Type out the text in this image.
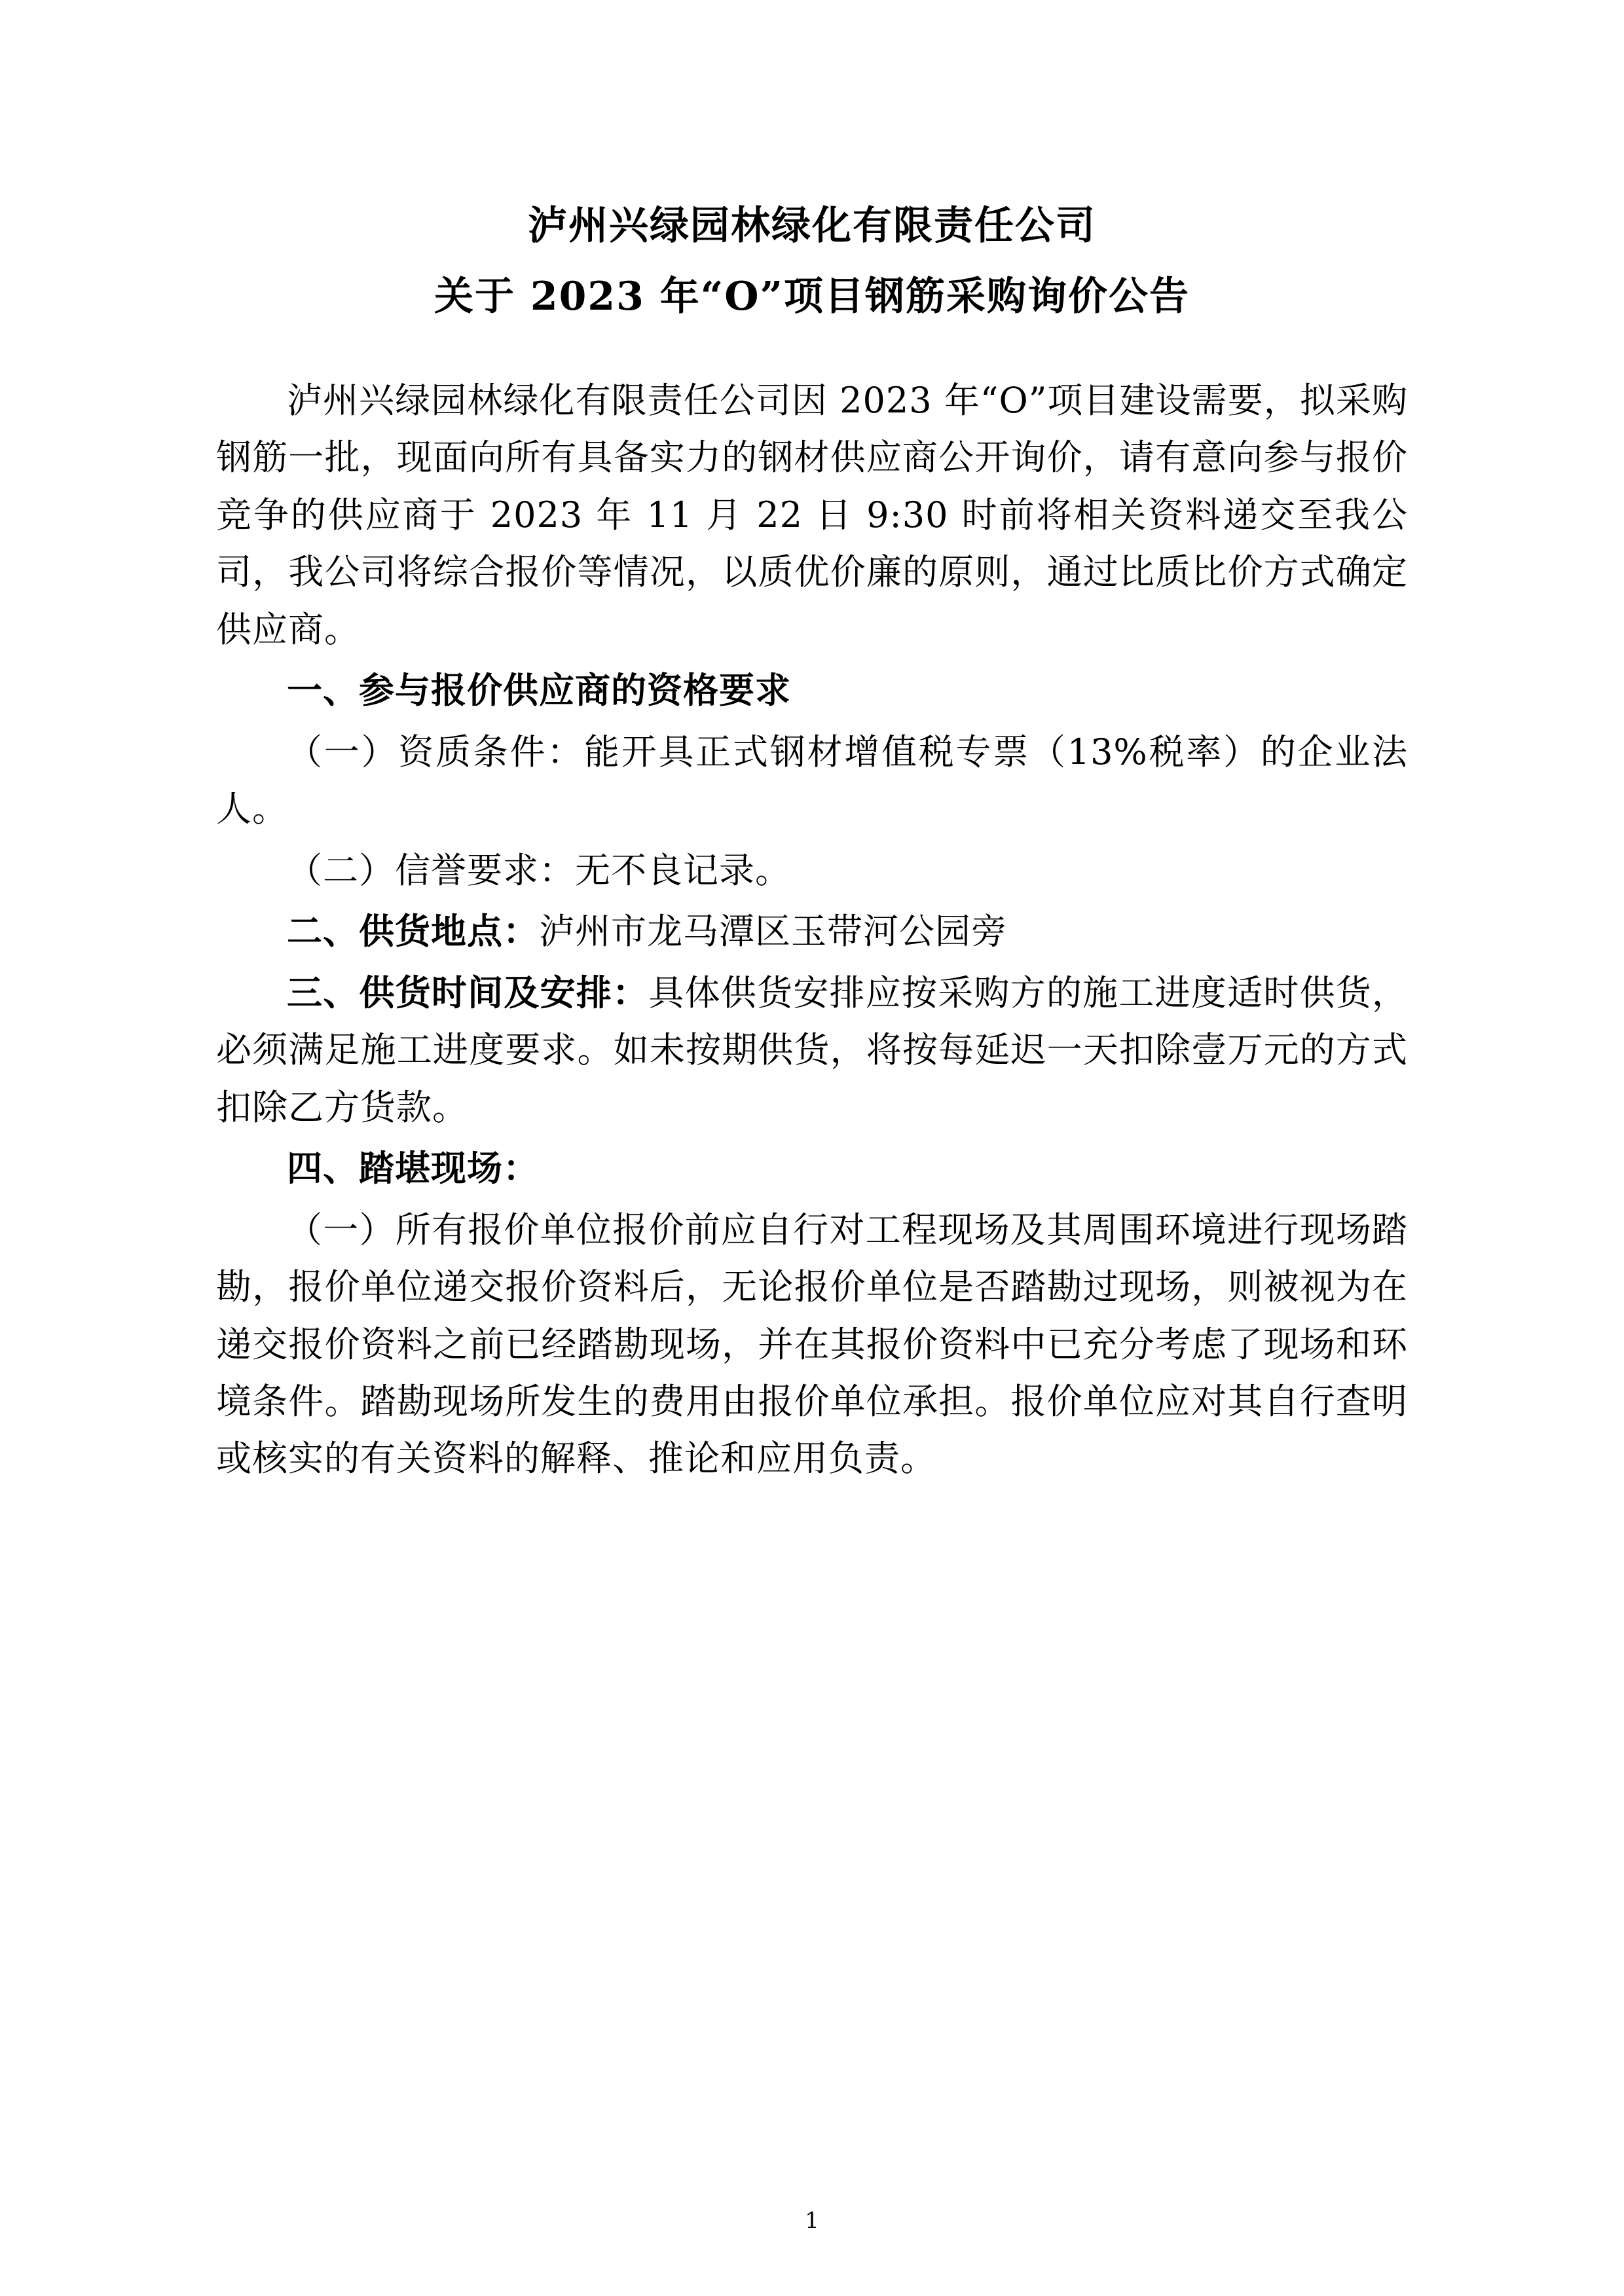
泸州兴绿园林绿化有限责任公司
关于 2023 年“O”项目钢筋采购询价公告

泸州兴绿园林绿化有限责任公司因 2023 年“O”项目建设需要，拟采购钢筋一批，现面向所有具备实力的钢材供应商公开询价，请有意向参与报价竞争的供应商于 2023 年 11 月 22 日 9:30 时前将相关资料递交至我公司，我公司将综合报价等情况，以质优价廉的原则，通过比质比价方式确定供应商。

一、参与报价供应商的资格要求

（一）资质条件：能开具正式钢材增值税专票（13%税率）的企业法人。

（二）信誉要求：无不良记录。

二、供货地点：泸州市龙马潭区玉带河公园旁

三、供货时间及安排：具体供货安排应按采购方的施工进度适时供货，必须满足施工进度要求。如未按期供货，将按每延迟一天扣除壹万元的方式扣除乙方货款。

四、踏堪现场：

（一）所有报价单位报价前应自行对工程现场及其周围环境进行现场踏勘，报价单位递交报价资料后，无论报价单位是否踏勘过现场，则被视为在递交报价资料之前已经踏勘现场，并在其报价资料中已充分考虑了现场和环境条件。踏勘现场所发生的费用由报价单位承担。报价单位应对其自行查明或核实的有关资料的解释、推论和应用负责。

1
